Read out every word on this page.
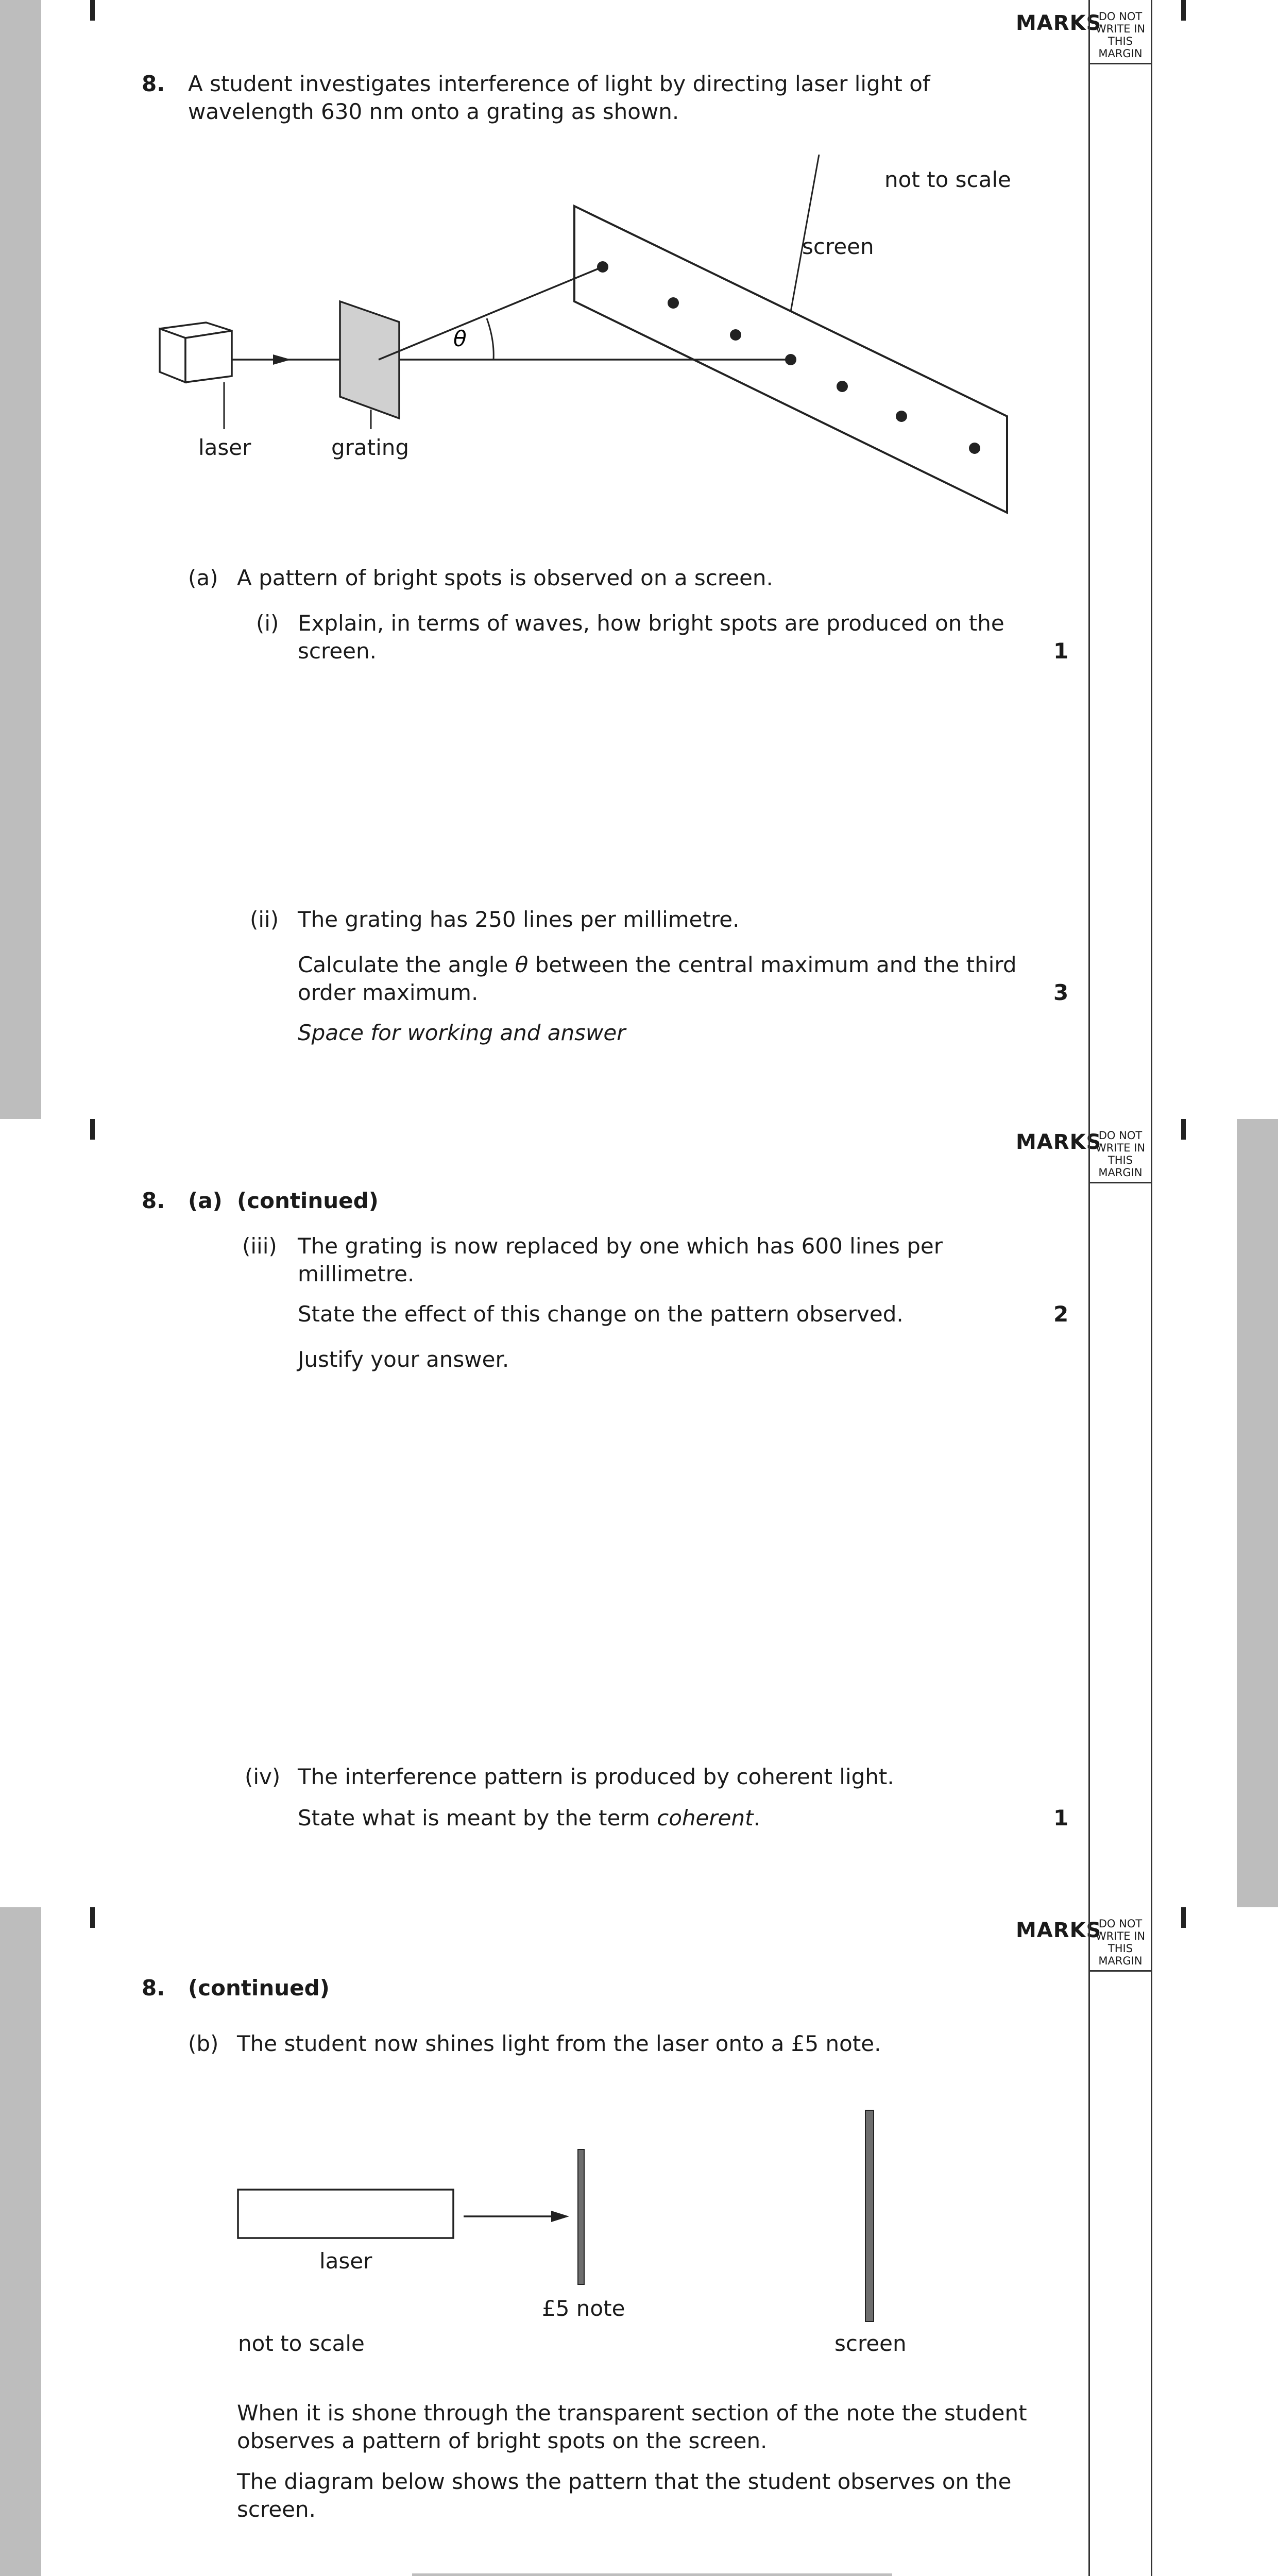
MARKS
DO NOT
WRITE IN
THIS
MARGIN
8. A student investigates interference of light by directing laser light of
wavelength 630 nm onto a grating as shown.
θ
not to scale
screen
laser	grating
(a) A pattern of bright spots is observed on a screen.
(i) Explain, in terms of waves, how bright spots are produced on the
screen.	1
(ii) The grating has 250 lines per millimetre.
Calculate the angle θ between the central maximum and the third
order maximum.	3
Space for working and answer
MARKS
DO NOT
WRITE IN
THIS
MARGIN
8. (a) (continued)
(iii) The grating is now replaced by one which has 600 lines per
millimetre.
State the effect of this change on the pattern observed.	2
Justify your answer.
(iv) The interference pattern is produced by coherent light.
State what is meant by the term coherent.	1
MARKS
DO NOT
WRITE IN
THIS
MARGIN
8. (continued)
(b) The student now shines light from the laser onto a £5 note.
laser
£5 note
not to scale	screen
When it is shone through the transparent section of the note the student
observes a pattern of bright spots on the screen.
The diagram below shows the pattern that the student observes on the
screen.
